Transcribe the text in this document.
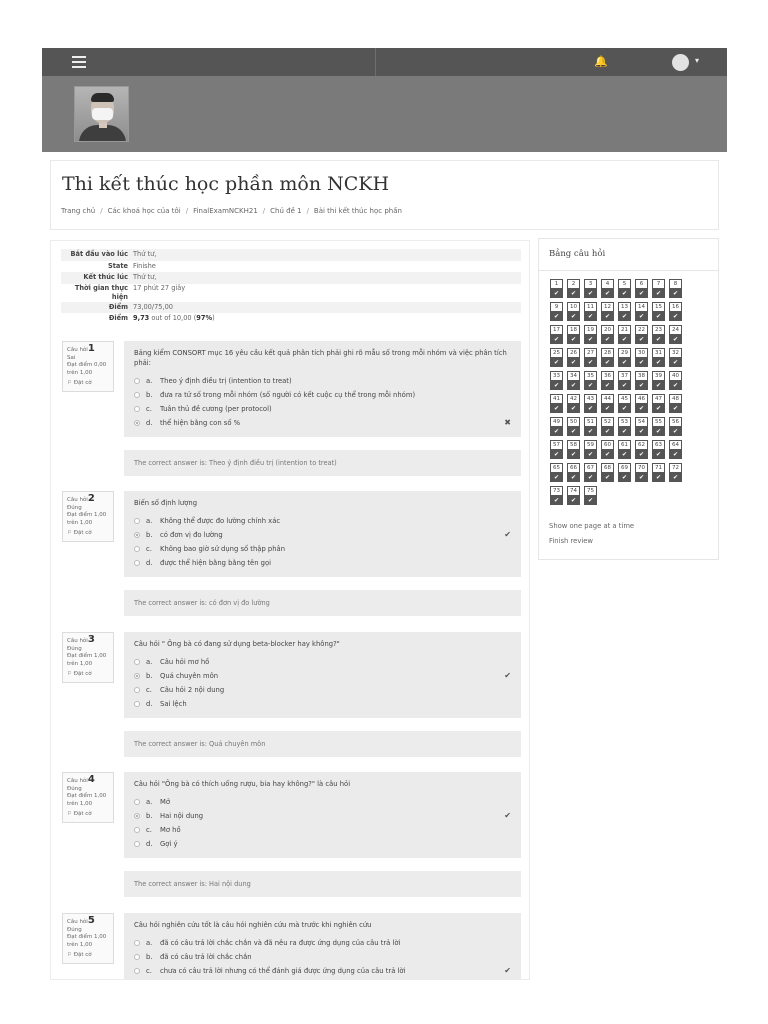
🔔	▾
Thi kết thúc học phần môn NCKH
Trang chủ / Các khoá học của tôi / FinalExamNCKH21 / Chủ đề 1 / Bài thi kết thúc học phần
Bắt đầu vào lúc Thứ tư,
State Finishe
Kết thúc lúc Thứ tư,
Thời gian thực hiện
17 phút 27 giây
Điểm 73,00/75,00
Điểm 9,73 out of 10,00 (97%)
Câu hỏi1
Sai
Đạt điểm 0,00 trên 1,00
⚐ Đặt cờ
Bảng kiểm CONSORT mục 16 yêu cầu kết quả phân tích phải ghi rõ mẫu số trong mỗi nhóm và việc phân tích phải:
a.	Theo ý định điều trị (intention to treat)
b.	đưa ra tử số trong mỗi nhóm (số người có kết cuộc cụ thể trong mỗi nhóm)
c.	Tuân thủ đề cương (per protocol)
d.	thể hiện bằng con số %	✖
The correct answer is: Theo ý định điều trị (intention to treat)
Câu hỏi2
Đúng
Đạt điểm 1,00 trên 1,00
⚐ Đặt cờ
Biến số định lượng
a.	Không thể được đo lường chính xác
b.	có đơn vị đo lường	✔
c.	Không bao giờ sử dụng số thập phân
d.	được thể hiện bằng bằng tên gọi
The correct answer is: có đơn vị đo lường
Câu hỏi3
Đúng
Đạt điểm 1,00 trên 1,00
⚐ Đặt cờ
Câu hỏi " Ông bà có đang sử dụng beta-blocker hay không?"
a.	Câu hỏi mơ hồ
b.	Quá chuyên môn	✔
c.	Câu hỏi 2 nội dung
d.	Sai lệch
The correct answer is: Quá chuyên môn
Câu hỏi4
Đúng
Đạt điểm 1,00 trên 1,00
⚐ Đặt cờ
Câu hỏi "Ông bà có thích uống rượu, bia hay không?" là câu hỏi
a.	Mở
b.	Hai nội dung	✔
c.	Mơ hồ
d.	Gợi ý
The correct answer is: Hai nội dung
Câu hỏi5
Đúng
Đạt điểm 1,00 trên 1,00
⚐ Đặt cờ
Câu hỏi nghiên cứu tốt là câu hỏi nghiên cứu mà trước khi nghiên cứu
a.	đã có câu trả lời chắc chắn và đã nêu ra được ứng dụng của câu trả lời
b.	đã có câu trả lời chắc chắn
c.	chưa có câu trả lời nhưng có thể đánh giá được ứng dụng của câu trả lời	✔
Bảng câu hỏi
1
✔
2
✔
3
✔
4
✔
5
✔
6
✔
7
✔
8
✔
9
✔
10
✔
11
✔
12
✔
13
✔
14
✔
15
✔
16
✔
17
✔
18
✔
19
✔
20
✔
21
✔
22
✔
23
✔
24
✔
25
✔
26
✔
27
✔
28
✔
29
✔
30
✔
31
✔
32
✔
33
✔
34
✔
35
✔
36
✔
37
✔
38
✔
39
✔
40
✔
41
✔
42
✔
43
✔
44
✔
45
✔
46
✔
47
✔
48
✔
49
✔
50
✔
51
✔
52
✔
53
✔
54
✔
55
✔
56
✔
57
✔
58
✔
59
✔
60
✔
61
✔
62
✔
63
✔
64
✔
65
✔
66
✔
67
✔
68
✔
69
✔
70
✔
71
✔
72
✔
73
✔
74
✔
75
✔
Show one page at a time
Finish review
